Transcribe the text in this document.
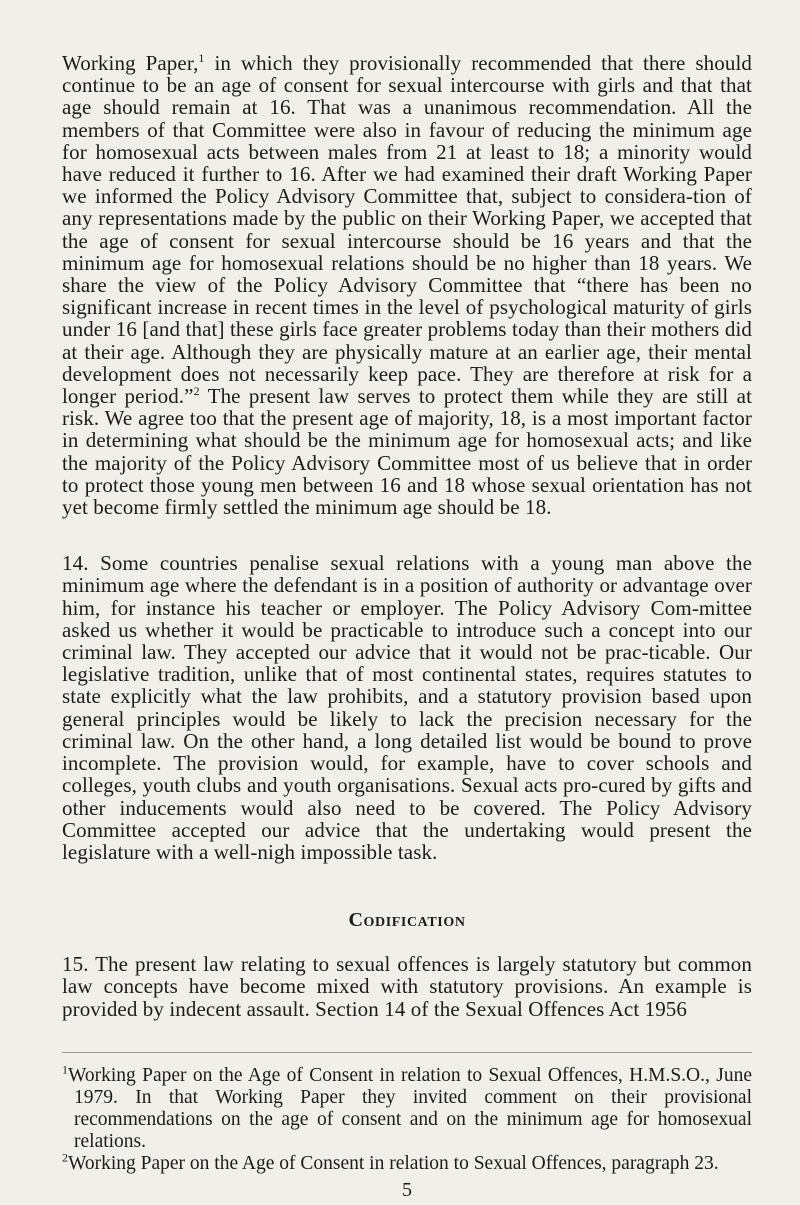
Working Paper,$^1$ in which they provisionally recommended that there should continue to be an age of consent for sexual intercourse with girls and that that age should remain at 16. That was a unanimous recommendation. All the members of that Committee were also in favour of reducing the minimum age for homosexual acts between males from 21 at least to 18; a minority would have reduced it further to 16. After we had examined their draft Working Paper we informed the Policy Advisory Committee that, subject to considera-tion of any representations made by the public on their Working Paper, we accepted that the age of consent for sexual intercourse should be 16 years and that the minimum age for homosexual relations should be no higher than 18 years. We share the view of the Policy Advisory Committee that “there has been no significant increase in recent times in the level of psychological maturity of girls under 16 [and that] these girls face greater problems today than their mothers did at their age. Although they are physically mature at an earlier age, their mental development does not necessarily keep pace. They are therefore at risk for a longer period.”$^2$ The present law serves to protect them while they are still at risk. We agree too that the present age of majority, 18, is a most important factor in determining what should be the minimum age for homosexual acts; and like the majority of the Policy Advisory Committee most of us believe that in order to protect those young men between 16 and 18 whose sexual orientation has not yet become firmly settled the minimum age should be 18.

14. Some countries penalise sexual relations with a young man above the minimum age where the defendant is in a position of authority or advantage over him, for instance his teacher or employer. The Policy Advisory Com-mittee asked us whether it would be practicable to introduce such a concept into our criminal law. They accepted our advice that it would not be prac-ticable. Our legislative tradition, unlike that of most continental states, requires statutes to state explicitly what the law prohibits, and a statutory provision based upon general principles would be likely to lack the precision necessary for the criminal law. On the other hand, a long detailed list would be bound to prove incomplete. The provision would, for example, have to cover schools and colleges, youth clubs and youth organisations. Sexual acts pro-cured by gifts and other inducements would also need to be covered. The Policy Advisory Committee accepted our advice that the undertaking would present the legislature with a well-nigh impossible task.

Codification

15. The present law relating to sexual offences is largely statutory but common law concepts have become mixed with statutory provisions. An example is provided by indecent assault. Section 14 of the Sexual Offences Act 1956

$^1$Working Paper on the Age of Consent in relation to Sexual Offences, H.M.S.O., June 1979. In that Working Paper they invited comment on their provisional recommendations on the age of consent and on the minimum age for homosexual relations.

$^2$Working Paper on the Age of Consent in relation to Sexual Offences, paragraph 23.

5
